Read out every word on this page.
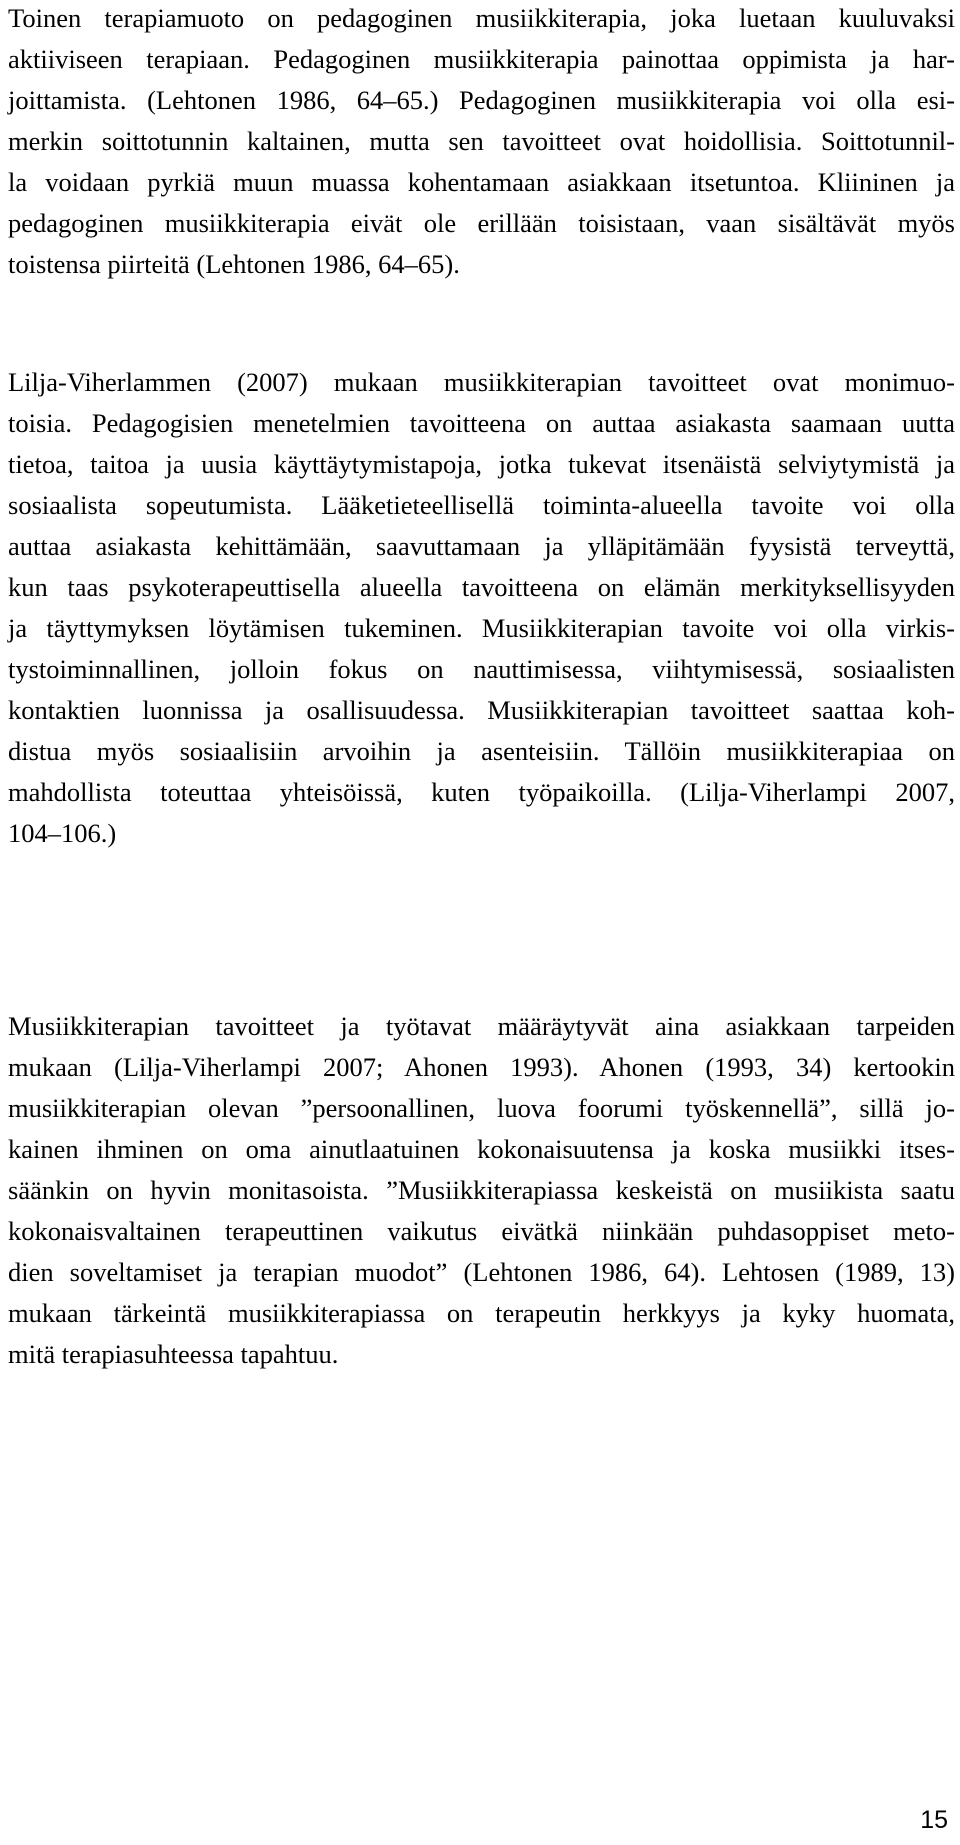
Toinen terapiamuoto on pedagoginen musiikkiterapia, joka luetaan kuuluvaksi
aktiiviseen terapiaan. Pedagoginen musiikkiterapia painottaa oppimista ja har-
joittamista. (Lehtonen 1986, 64–65.) Pedagoginen musiikkiterapia voi olla esi-
merkin soittotunnin kaltainen, mutta sen tavoitteet ovat hoidollisia. Soittotunnil-
la voidaan pyrkiä muun muassa kohentamaan asiakkaan itsetuntoa. Kliininen ja
pedagoginen musiikkiterapia eivät ole erillään toisistaan, vaan sisältävät myös
toistensa piirteitä (Lehtonen 1986, 64–65).

Lilja-Viherlammen (2007) mukaan musiikkiterapian tavoitteet ovat monimuo-
toisia. Pedagogisien menetelmien tavoitteena on auttaa asiakasta saamaan uutta
tietoa, taitoa ja uusia käyttäytymistapoja, jotka tukevat itsenäistä selviytymistä ja
sosiaalista sopeutumista. Lääketieteellisellä toiminta-alueella tavoite voi olla
auttaa asiakasta kehittämään, saavuttamaan ja ylläpitämään fyysistä terveyttä,
kun taas psykoterapeuttisella alueella tavoitteena on elämän merkityksellisyyden
ja täyttymyksen löytämisen tukeminen. Musiikkiterapian tavoite voi olla virkis-
tystoiminnallinen, jolloin fokus on nauttimisessa, viihtymisessä, sosiaalisten
kontaktien luonnissa ja osallisuudessa. Musiikkiterapian tavoitteet saattaa koh-
distua myös sosiaalisiin arvoihin ja asenteisiin. Tällöin musiikkiterapiaa on
mahdollista toteuttaa yhteisöissä, kuten työpaikoilla. (Lilja-Viherlampi 2007,
104–106.)

Musiikkiterapian tavoitteet ja työtavat määräytyvät aina asiakkaan tarpeiden
mukaan (Lilja-Viherlampi 2007; Ahonen 1993). Ahonen (1993, 34) kertookin
musiikkiterapian olevan ”persoonallinen, luova foorumi työskennellä”, sillä jo-
kainen ihminen on oma ainutlaatuinen kokonaisuutensa ja koska musiikki itses-
säänkin on hyvin monitasoista. ”Musiikkiterapiassa keskeistä on musiikista saatu
kokonaisvaltainen terapeuttinen vaikutus eivätkä niinkään puhdasoppiset meto-
dien soveltamiset ja terapian muodot” (Lehtonen 1986, 64). Lehtosen (1989, 13)
mukaan tärkeintä musiikkiterapiassa on terapeutin herkkyys ja kyky huomata,
mitä terapiasuhteessa tapahtuu.

15
